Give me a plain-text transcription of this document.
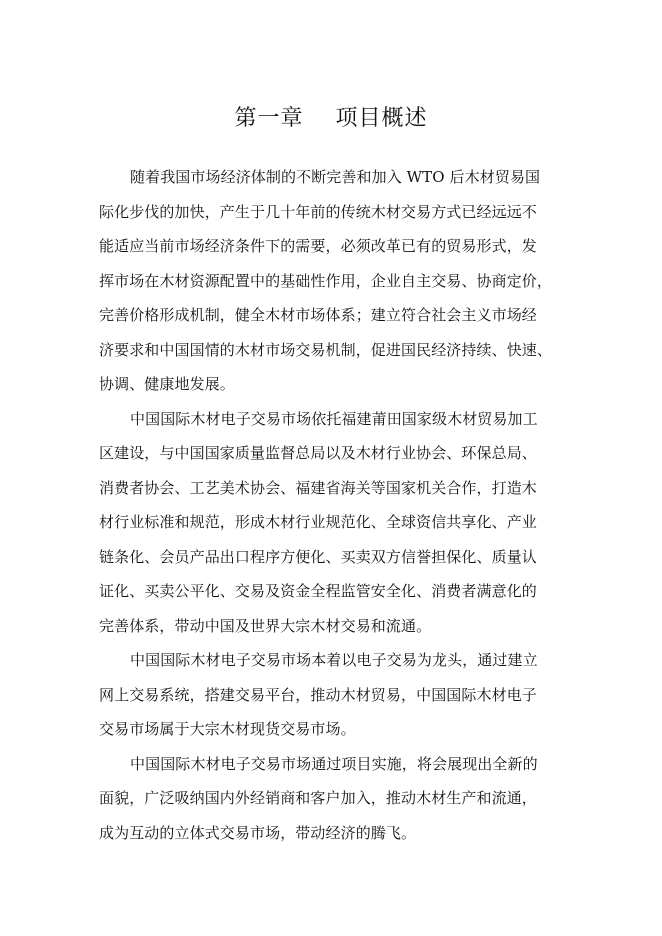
第一章    项目概述
随着我国市场经济体制的不断完善和加入 WTO 后木材贸易国
际化步伐的加快，产生于几十年前的传统木材交易方式已经远远不
能适应当前市场经济条件下的需要，必须改革已有的贸易形式，发
挥市场在木材资源配置中的基础性作用，企业自主交易、协商定价，
完善价格形成机制，健全木材市场体系；建立符合社会主义市场经
济要求和中国国情的木材市场交易机制，促进国民经济持续、快速、
协调、健康地发展。
中国国际木材电子交易市场依托福建莆田国家级木材贸易加工
区建设，与中国国家质量监督总局以及木材行业协会、环保总局、
消费者协会、工艺美术协会、福建省海关等国家机关合作，打造木
材行业标准和规范，形成木材行业规范化、全球资信共享化、产业
链条化、会员产品出口程序方便化、买卖双方信誉担保化、质量认
证化、买卖公平化、交易及资金全程监管安全化、消费者满意化的
完善体系，带动中国及世界大宗木材交易和流通。
中国国际木材电子交易市场本着以电子交易为龙头，通过建立
网上交易系统，搭建交易平台，推动木材贸易，中国国际木材电子
交易市场属于大宗木材现货交易市场。
中国国际木材电子交易市场通过项目实施，将会展现出全新的
面貌，广泛吸纳国内外经销商和客户加入，推动木材生产和流通，
成为互动的立体式交易市场，带动经济的腾飞。
